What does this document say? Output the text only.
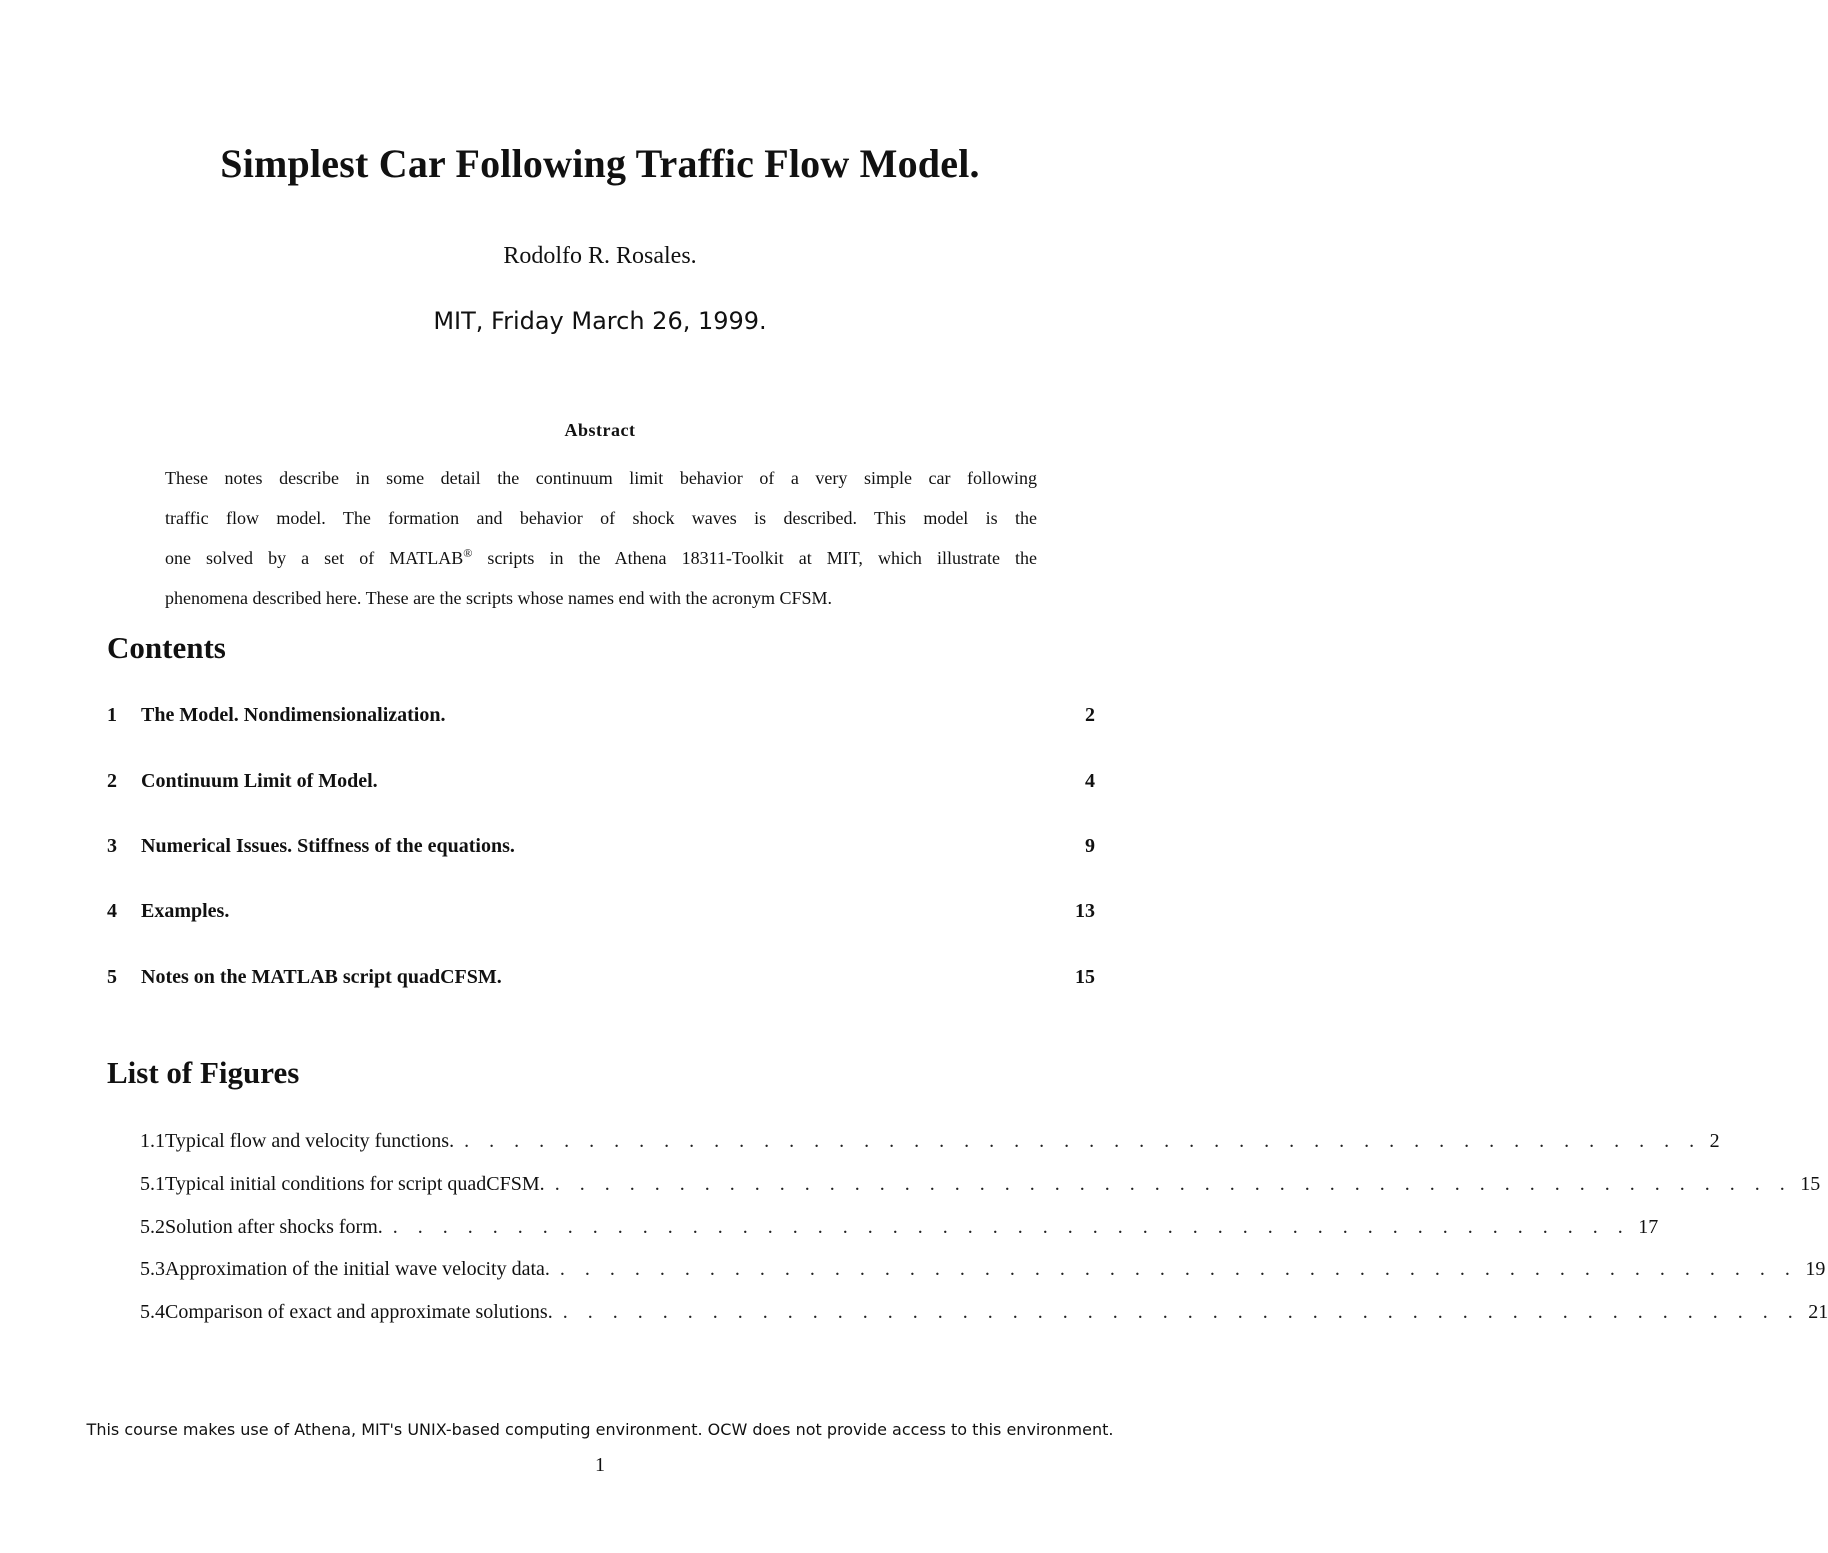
Simplest Car Following Traffic Flow Model.
Rodolfo R. Rosales.
MIT, Friday March 26, 1999.
Abstract
These notes describe in some detail the continuum limit behavior of a very simple car following
traffic flow model. The formation and behavior of shock waves is described. This model is the
one solved by a set of MATLAB® scripts in the Athena 18311-Toolkit at MIT, which illustrate the
phenomena described here. These are the scripts whose names end with the acronym CFSM.
Contents
1	The Model. Nondimensionalization.	2
2	Continuum Limit of Model.	4
3	Numerical Issues. Stiffness of the equations.	9
4	Examples.	13
5	Notes on the MATLAB script quadCFSM.	15
List of Figures
1.1 Typical flow and velocity functions. . . . . . . . . . . . . . . . . . . . . . . . . . . . . . . . . . . . . . . . . . . . . . . . . . . 2
5.1 Typical initial conditions for script quadCFSM. . . . . . . . . . . . . . . . . . . . . . . . . . . . . . . . . . . . . . . . . . . . . . . . . . . 15
5.2 Solution after shocks form. . . . . . . . . . . . . . . . . . . . . . . . . . . . . . . . . . . . . . . . . . . . . . . . . . . 17
5.3 Approximation of the initial wave velocity data. . . . . . . . . . . . . . . . . . . . . . . . . . . . . . . . . . . . . . . . . . . . . . . . . . . 19
5.4 Comparison of exact and approximate solutions. . . . . . . . . . . . . . . . . . . . . . . . . . . . . . . . . . . . . . . . . . . . . . . . . . . 21
This course makes use of Athena, MIT's UNIX-based computing environment. OCW does not provide access to this environment.
1
